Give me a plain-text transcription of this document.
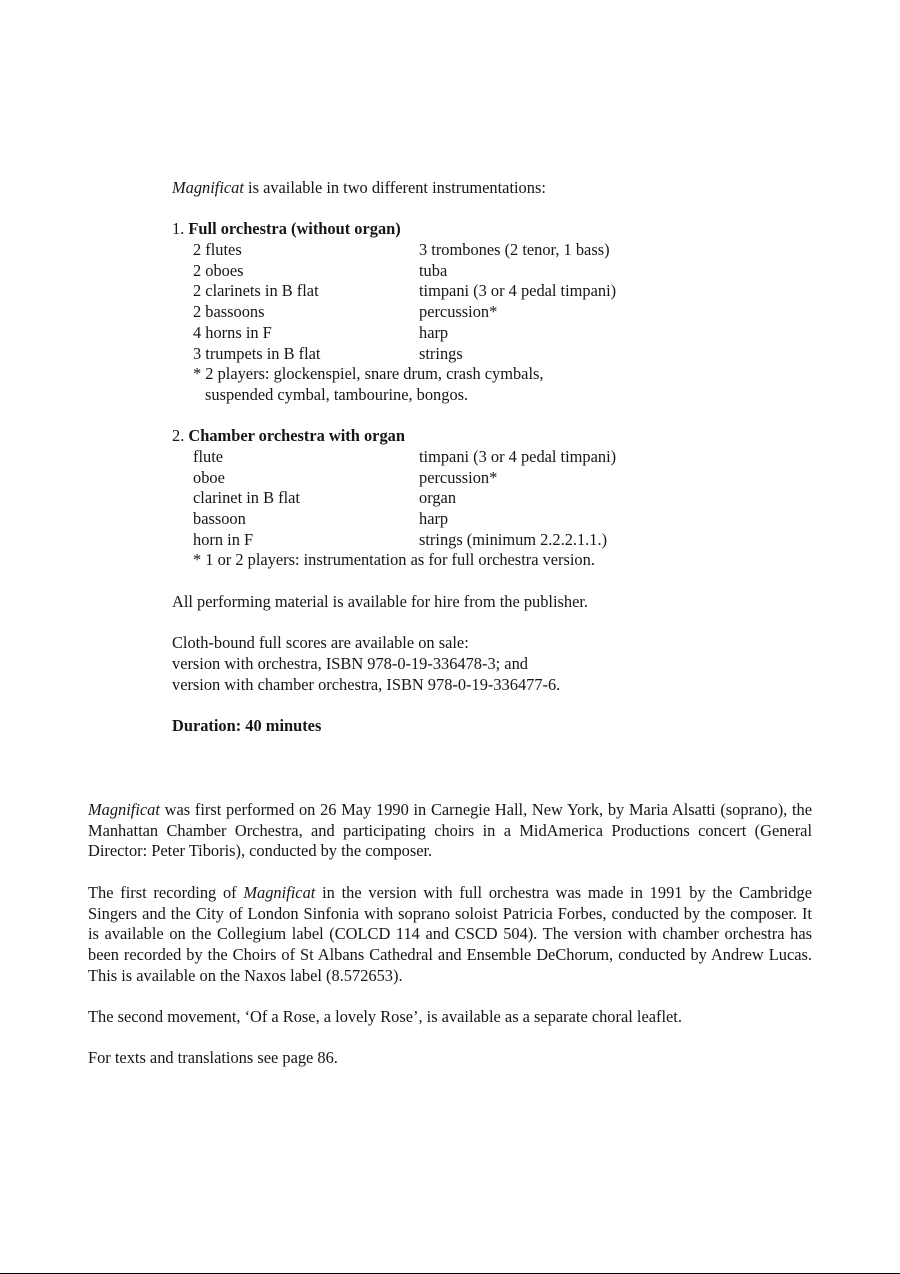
Magnificat is available in two different instrumentations:
1. Full orchestra (without organ)
2 flutes	3 trombones (2 tenor, 1 bass)
2 oboes	tuba
2 clarinets in B flat	timpani (3 or 4 pedal timpani)
2 bassoons	percussion*
4 horns in F	harp
3 trumpets in B flat	strings
* 2 players: glockenspiel, snare drum, crash cymbals,
suspended cymbal, tambourine, bongos.
2. Chamber orchestra with organ
flute	timpani (3 or 4 pedal timpani)
oboe	percussion*
clarinet in B flat	organ
bassoon	harp
horn in F	strings (minimum 2.2.2.1.1.)
* 1 or 2 players: instrumentation as for full orchestra version.
All performing material is available for hire from the publisher.
Cloth-bound full scores are available on sale:
version with orchestra, ISBN 978-0-19-336478-3; and
version with chamber orchestra, ISBN 978-0-19-336477-6.
Duration: 40 minutes

Magnificat was first performed on 26 May 1990 in Carnegie Hall, New York, by Maria Alsatti (soprano), the Manhattan Chamber Orchestra, and participating choirs in a MidAmerica Productions concert (General Director: Peter Tiboris), conducted by the composer.

The first recording of Magnificat in the version with full orchestra was made in 1991 by the Cambridge Singers and the City of London Sinfonia with soprano soloist Patricia Forbes, conducted by the composer. It is available on the Collegium label (COLCD 114 and CSCD 504). The version with chamber orchestra has been recorded by the Choirs of St Albans Cathedral and Ensemble DeChorum, conducted by Andrew Lucas. This is available on the Naxos label (8.572653).

The second movement, ‘Of a Rose, a lovely Rose’, is available as a separate choral leaflet.

For texts and translations see page 86.
